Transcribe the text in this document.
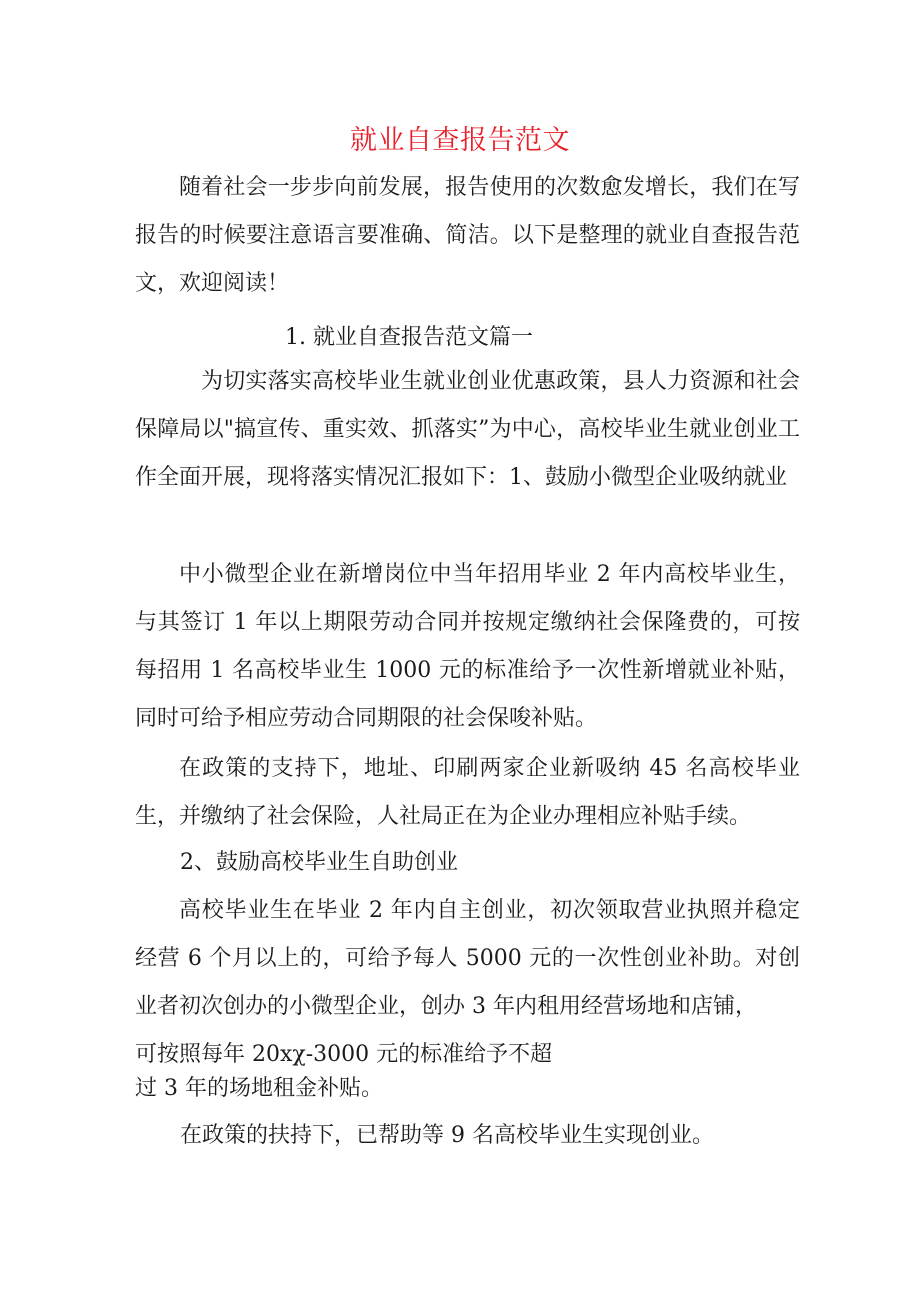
就业自查报告范文

随着社会一步步向前发展，报告使用的次数愈发增长，我们在写报告的时候要注意语言要准确、简洁。以下是整理的就业自查报告范文，欢迎阅读！

1. 就业自查报告范文篇一

为切实落实高校毕业生就业创业优惠政策，县人力资源和社会保障局以"搞宣传、重实效、抓落实”为中心，高校毕业生就业创业工作全面开展，现将落实情况汇报如下：1、鼓励小微型企业吸纳就业

中小微型企业在新增岗位中当年招用毕业 2 年内高校毕业生，与其签订 1 年以上期限劳动合同并按规定缴纳社会保隆费的，可按每招用 1 名高校毕业生 1000 元的标准给予一次性新增就业补贴，同时可给予相应劳动合同期限的社会保唆补贴。

在政策的支持下，地址、印刷两家企业新吸纳 45 名高校毕业生，并缴纳了社会保险，人社局正在为企业办理相应补贴手续。

2、鼓励高校毕业生自助创业

高校毕业生在毕业 2 年内自主创业，初次领取营业执照并稳定经营 6 个月以上的，可给予每人 5000 元的一次性创业补助。对创业者初次创办的小微型企业，创办 3 年内租用经营场地和店铺，

可按照每年 20xχ-3000 元的标准给予不超

过 3 年的场地租金补贴。

在政策的扶持下，已帮助等 9 名高校毕业生实现创业。
